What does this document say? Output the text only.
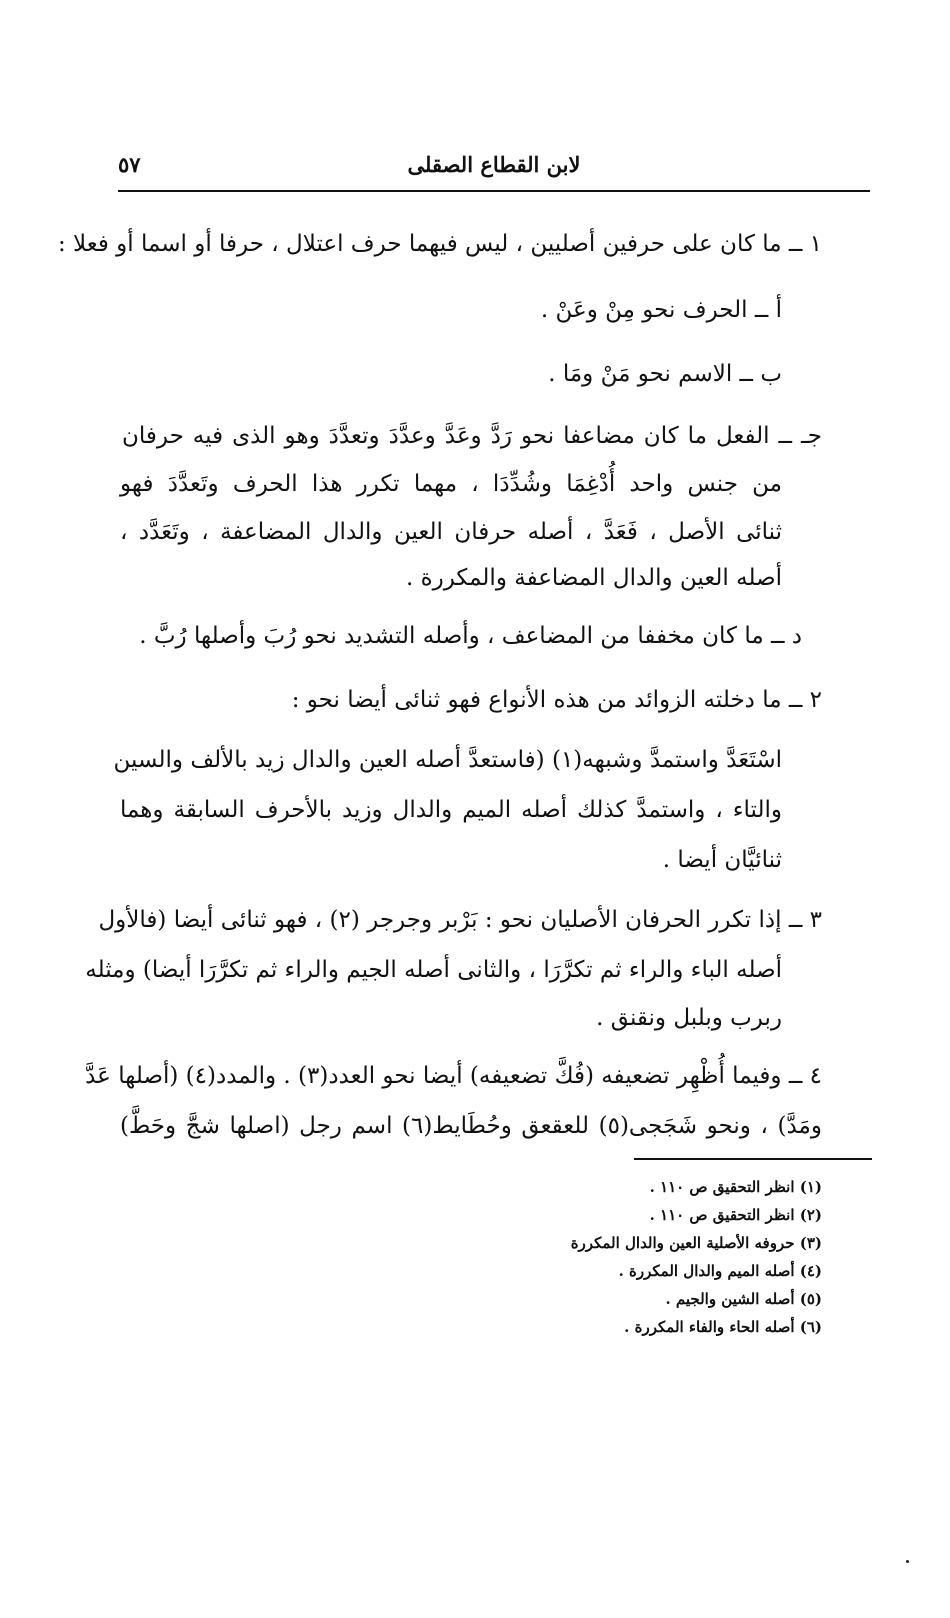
لابن القطاع الصقلى
٥٧
١ ــ ما كان على حرفين أصليين ، ليس فيهما حرف اعتلال ، حرفا أو اسما أو فعلا :
أ ــ الحرف نحو مِنْ وعَنْ .
ب ــ الاسم نحو مَنْ ومَا .
جـ ــ الفعل ما كان مضاعفا نحو رَدَّ وعَدَّ وعدَّدَ وتعدَّدَ وهو الذى فيه حرفان
من جنس واحد أُدْغِمَا وشُدِّدَا ، مهما تكرر هذا الحرف وتَعدَّدَ فهو
ثنائى الأصل ، فَعَدَّ ، أصله حرفان العين والدال المضاعفة ، وتَعَدَّد ،
أصله العين والدال المضاعفة والمكررة .
د ــ ما كان مخففا من المضاعف ، وأصله التشديد نحو رُبَ وأصلها رُبَّ .
٢ ــ ما دخلته الزوائد من هذه الأنواع فهو ثنائى أيضا نحو :
اسْتَعَدَّ واستمدَّ وشبهه(١) (فاستعدَّ أصله العين والدال زيد بالألف والسين
والتاء ، واستمدَّ كذلك أصله الميم والدال وزيد بالأحرف السابقة وهما
ثنائيَّان أيضا .
٣ ــ إذا تكرر الحرفان الأصليان نحو : بَرْبر وجرجر (٢) ، فهو ثنائى أيضا (فالأول
أصله الباء والراء ثم تكرَّرَا ، والثانى أصله الجيم والراء ثم تكرَّرَا أيضا) ومثله
ربرب وبلبل ونقنق .
٤ ــ وفيما أُظْهِر تضعيفه (فُكَّ تضعيفه) أيضا نحو العدد(٣) . والمدد(٤) (أصلها عَدَّ
ومَدَّ) ، ونحو شَجَجى(٥) للعقعق وحُطَايط(٦) اسم رجل (اصلها شجَّ وحَطَّ)
(١) انظر التحقيق ص ١١٠ .
(٢) انظر التحقيق ص ١١٠ .
(٣) حروفه الأصلية العين والدال المكررة
(٤) أصله الميم والدال المكررة .
(٥) أصله الشين والجيم .
(٦) أصله الحاء والفاء المكررة .
